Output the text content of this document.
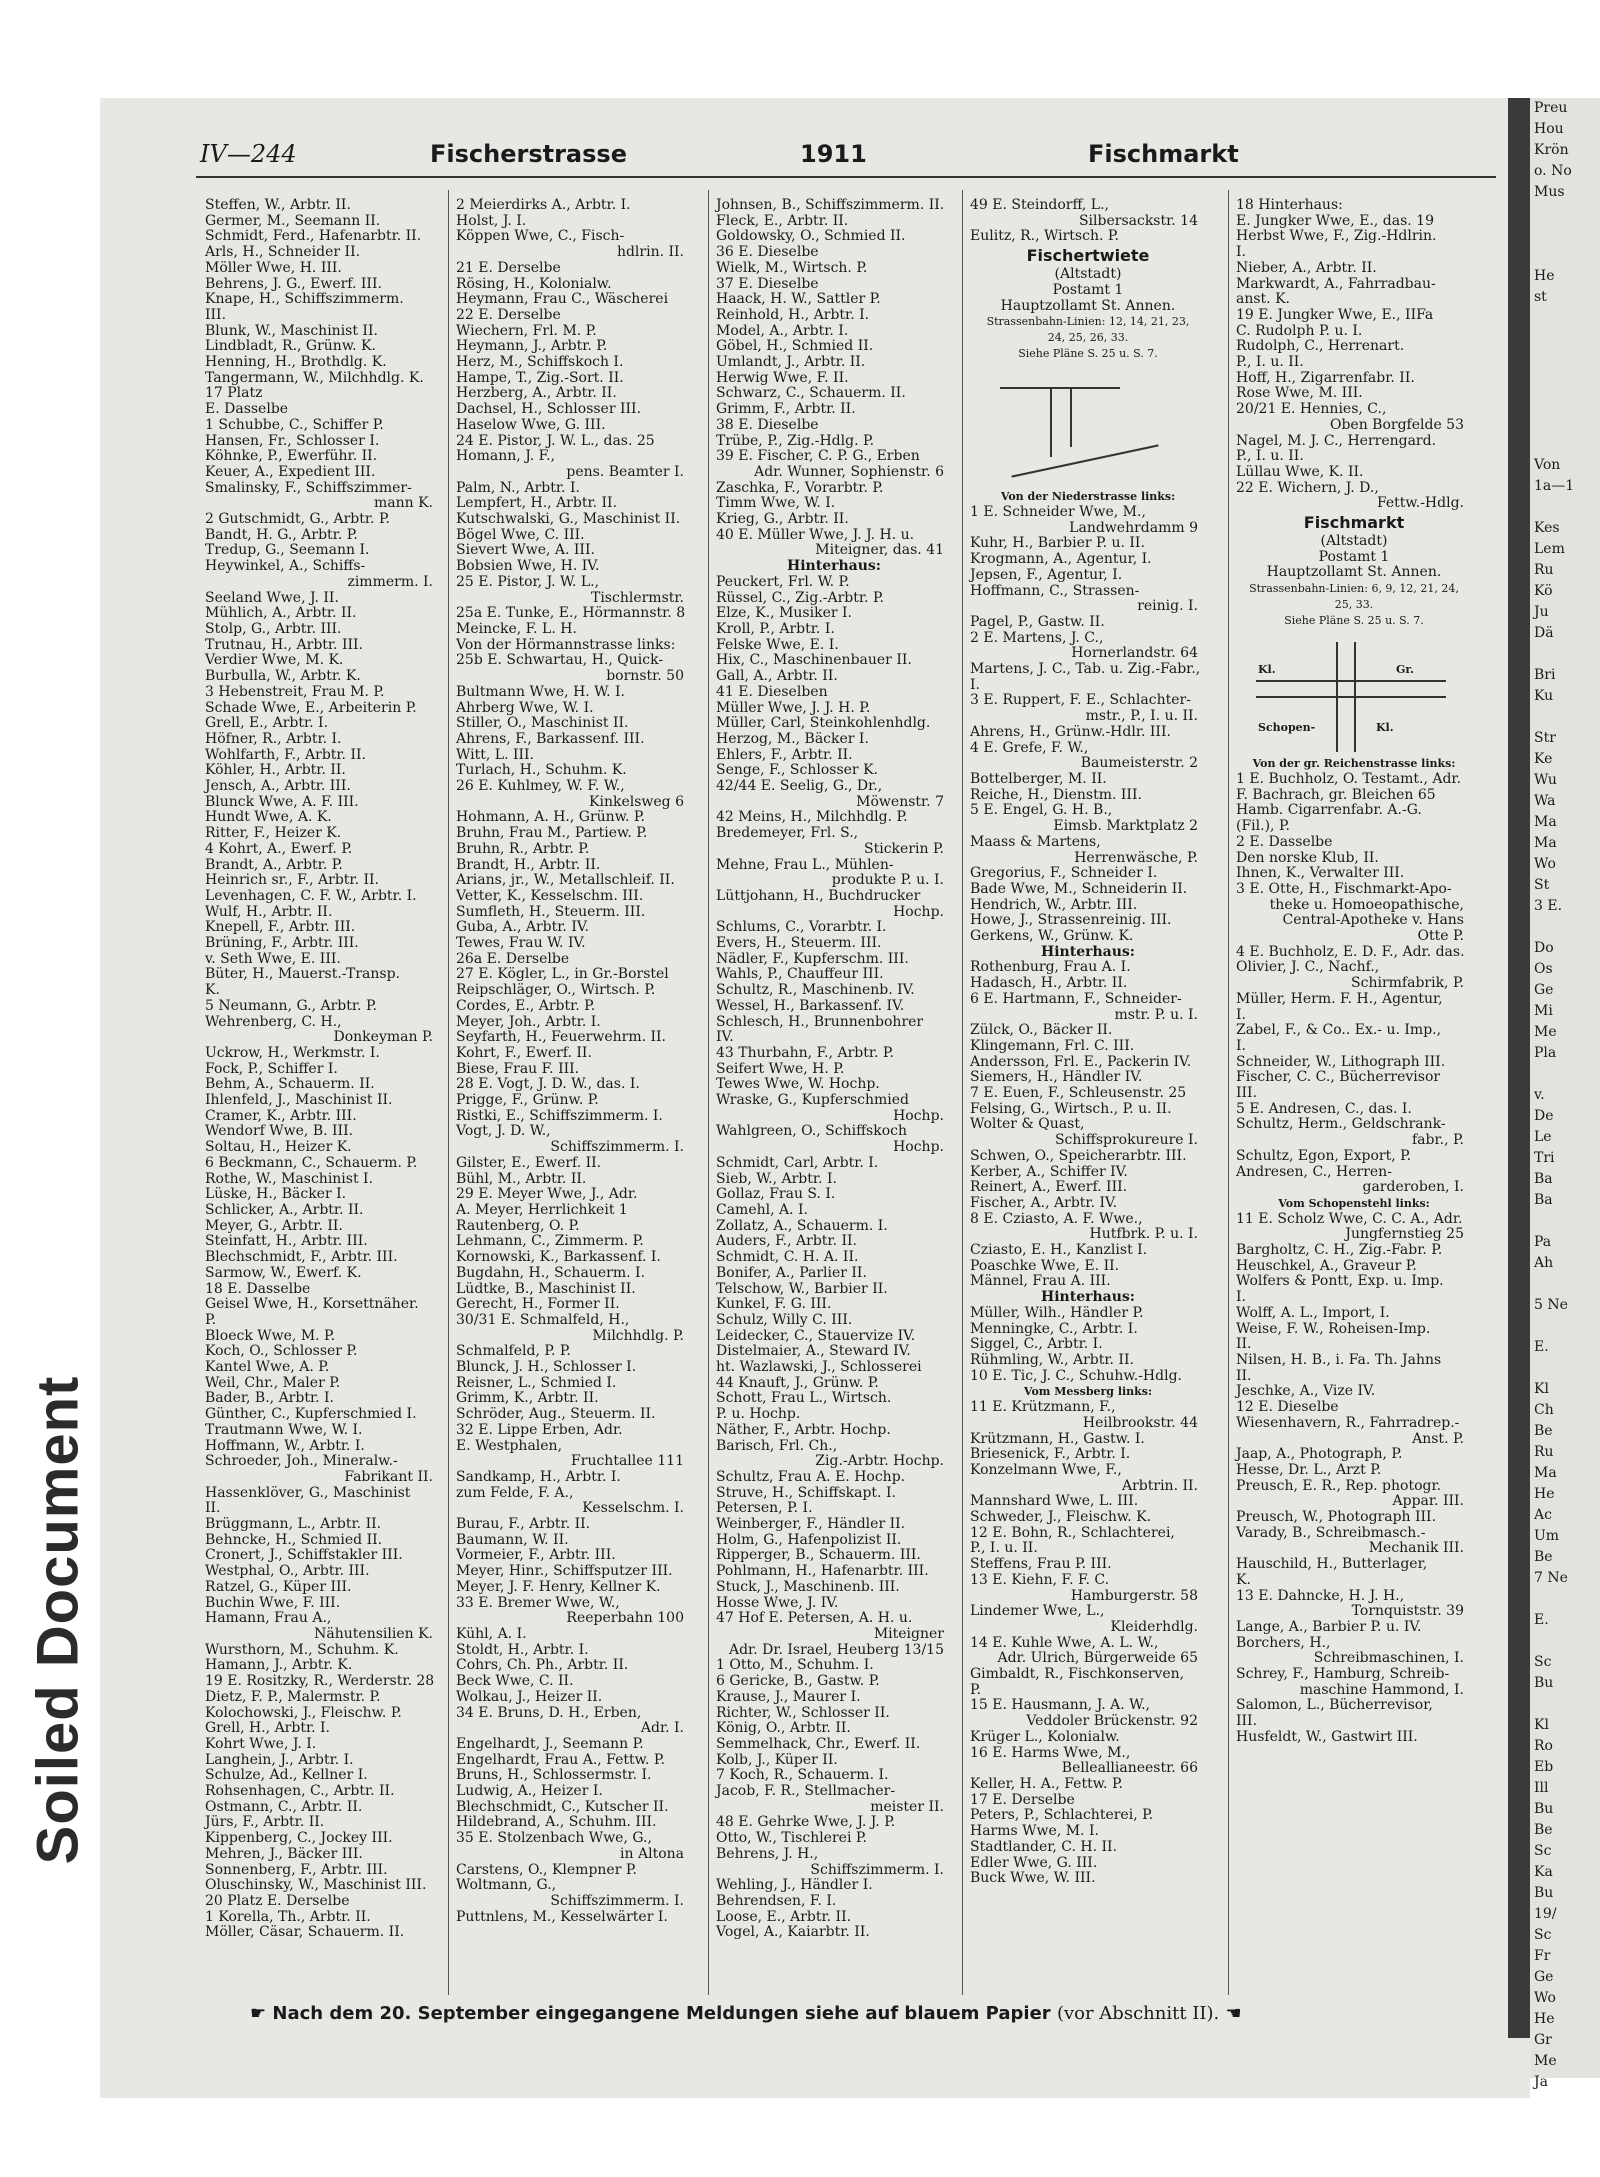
Soiled Document
Preu
Hou
Krön
o. No
Mus

He
st

Von
1a—1

Kes
Lem
Ru
Kö
Ju
Dä

Bri
Ku

Str
Ke
Wu
Wa
Ma
Ma
Wo
St
3 E.

Do
Os
Ge
Mi
Me
Pla

v.
De
Le
Tri
Ba
Ba

Pa
Ah

5 Ne

E.

Kl
Ch
Be
Ru
Ma
He
Ac
Um
Be
7 Ne

E.

Sc
Bu

Kl
Ro
Eb
Ill
Bu
Be
Sc
Ka
Bu
19/
Sc
Fr
Ge
Wo
He
Gr
Me
Ja
IV—244	Fischerstrasse	1911	Fischmarkt
Steffen, W., Arbtr. II.
Germer, M., Seemann II.
Schmidt, Ferd., Hafenarbtr. II.
Arls, H., Schneider II.
Möller Wwe, H. III.
Behrens, J. G., Ewerf. III.
Knape, H., Schiffszimmerm.
III.
Blunk, W., Maschinist II.
Lindbladt, R., Grünw. K.
Henning, H., Brothdlg. K.
Tangermann, W., Milchhdlg. K.
17 Platz
E. Dasselbe
1 Schubbe, C., Schiffer P.
Hansen, Fr., Schlosser I.
Köhnke, P., Ewerführ. II.
Keuer, A., Expedient III.
Smalinsky, F., Schiffszimmer-
mann K.
2 Gutschmidt, G., Arbtr. P.
Bandt, H. G., Arbtr. P.
Tredup, G., Seemann I.
Heywinkel, A., Schiffs-
zimmerm. I.
Seeland Wwe, J. II.
Mühlich, A., Arbtr. II.
Stolp, G., Arbtr. III.
Trutnau, H., Arbtr. III.
Verdier Wwe, M. K.
Burbulla, W., Arbtr. K.
3 Hebenstreit, Frau M. P.
Schade Wwe, E., Arbeiterin P.
Grell, E., Arbtr. I.
Höfner, R., Arbtr. I.
Wohlfarth, F., Arbtr. II.
Köhler, H., Arbtr. II.
Jensch, A., Arbtr. III.
Blunck Wwe, A. F. III.
Hundt Wwe, A. K.
Ritter, F., Heizer K.
4 Kohrt, A., Ewerf. P.
Brandt, A., Arbtr. P.
Heinrich sr., F., Arbtr. II.
Levenhagen, C. F. W., Arbtr. I.
Wulf, H., Arbtr. II.
Knepell, F., Arbtr. III.
Brüning, F., Arbtr. III.
v. Seth Wwe, E. III.
Büter, H., Mauerst.-Transp.
K.
5 Neumann, G., Arbtr. P.
Wehrenberg, C. H.,
Donkeyman P.
Uckrow, H., Werkmstr. I.
Fock, P., Schiffer I.
Behm, A., Schauerm. II.
Ihlenfeld, J., Maschinist II.
Cramer, K., Arbtr. III.
Wendorf Wwe, B. III.
Soltau, H., Heizer K.
6 Beckmann, C., Schauerm. P.
Rothe, W., Maschinist I.
Lüske, H., Bäcker I.
Schlicker, A., Arbtr. II.
Meyer, G., Arbtr. II.
Steinfatt, H., Arbtr. III.
Blechschmidt, F., Arbtr. III.
Sarmow, W., Ewerf. K.
18 E. Dasselbe
Geisel Wwe, H., Korsettnäher.
P.
Bloeck Wwe, M. P.
Koch, O., Schlosser P.
Kantel Wwe, A. P.
Weil, Chr., Maler P.
Bader, B., Arbtr. I.
Günther, C., Kupferschmied I.
Trautmann Wwe, W. I.
Hoffmann, W., Arbtr. I.
Schroeder, Joh., Mineralw.-
Fabrikant II.
Hassenklöver, G., Maschinist
II.
Brüggmann, L., Arbtr. II.
Behncke, H., Schmied II.
Cronert, J., Schiffstakler III.
Westphal, O., Arbtr. III.
Ratzel, G., Küper III.
Buchin Wwe, F. III.
Hamann, Frau A.,
Nähutensilien K.
Wursthorn, M., Schuhm. K.
Hamann, J., Arbtr. K.
19 E. Rositzky, R., Werderstr. 28
Dietz, F. P., Malermstr. P.
Kolochowski, J., Fleischw. P.
Grell, H., Arbtr. I.
Kohrt Wwe, J. I.
Langhein, J., Arbtr. I.
Schulze, Ad., Kellner I.
Rohsenhagen, C., Arbtr. II.
Ostmann, C., Arbtr. II.
Jürs, F., Arbtr. II.
Kippenberg, C., Jockey III.
Mehren, J., Bäcker III.
Sonnenberg, F., Arbtr. III.
Oluschinsky, W., Maschinist III.
20 Platz E. Derselbe
1 Korella, Th., Arbtr. II.
Möller, Cäsar, Schauerm. II.
2 Meierdirks A., Arbtr. I.
Holst, J. I.
Köppen Wwe, C., Fisch-
hdlrin. II.
21 E. Derselbe
Rösing, H., Kolonialw.
Heymann, Frau C., Wäscherei
22 E. Derselbe
Wiechern, Frl. M. P.
Heymann, J., Arbtr. P.
Herz, M., Schiffskoch I.
Hampe, T., Zig.-Sort. II.
Herzberg, A., Arbtr. II.
Dachsel, H., Schlosser III.
Haselow Wwe, G. III.
24 E. Pistor, J. W. L., das. 25
Homann, J. F.,
pens. Beamter I.
Palm, N., Arbtr. I.
Lempfert, H., Arbtr. II.
Kutschwalski, G., Maschinist II.
Bögel Wwe, C. III.
Sievert Wwe, A. III.
Bobsien Wwe, H. IV.
25 E. Pistor, J. W. L.,
Tischlermstr.
25a E. Tunke, E., Hörmannstr. 8
Meincke, F. L. H.
Von der Hörmannstrasse links:
25b E. Schwartau, H., Quick-
bornstr. 50
Bultmann Wwe, H. W. I.
Ahrberg Wwe, W. I.
Stiller, O., Maschinist II.
Ahrens, F., Barkassenf. III.
Witt, L. III.
Turlach, H., Schuhm. K.
26 E. Kuhlmey, W. F. W.,
Kinkelsweg 6
Hohmann, A. H., Grünw. P.
Bruhn, Frau M., Partiew. P.
Bruhn, R., Arbtr. P.
Brandt, H., Arbtr. II.
Arians, jr., W., Metallschleif. II.
Vetter, K., Kesselschm. III.
Sumfleth, H., Steuerm. III.
Guba, A., Arbtr. IV.
Tewes, Frau W. IV.
26a E. Derselbe
27 E. Kögler, L., in Gr.-Borstel
Reipschläger, O., Wirtsch. P.
Cordes, E., Arbtr. P.
Meyer, Joh., Arbtr. I.
Seyfarth, H., Feuerwehrm. II.
Kohrt, F., Ewerf. II.
Biese, Frau F. III.
28 E. Vogt, J. D. W., das. I.
Prigge, F., Grünw. P.
Ristki, E., Schiffszimmerm. I.
Vogt, J. D. W.,
Schiffszimmerm. I.
Gilster, E., Ewerf. II.
Bühl, M., Arbtr. II.
29 E. Meyer Wwe, J., Adr.
A. Meyer, Herrlichkeit 1
Rautenberg, O. P.
Lehmann, C., Zimmerm. P.
Kornowski, K., Barkassenf. I.
Bugdahn, H., Schauerm. I.
Lüdtke, B., Maschinist II.
Gerecht, H., Former II.
30/31 E. Schmalfeld, H.,
Milchhdlg. P.
Schmalfeld, P. P.
Blunck, J. H., Schlosser I.
Reisner, L., Schmied I.
Grimm, K., Arbtr. II.
Schröder, Aug., Steuerm. II.
32 E. Lippe Erben, Adr.
E. Westphalen,
Fruchtallee 111
Sandkamp, H., Arbtr. I.
zum Felde, F. A.,
Kesselschm. I.
Burau, F., Arbtr. II.
Baumann, W. II.
Vormeier, F., Arbtr. III.
Meyer, Hinr., Schiffsputzer III.
Meyer, J. F. Henry, Kellner K.
33 E. Bremer Wwe, W.,
Reeperbahn 100
Kühl, A. I.
Stoldt, H., Arbtr. I.
Cohrs, Ch. Ph., Arbtr. II.
Beck Wwe, C. II.
Wolkau, J., Heizer II.
34 E. Bruns, D. H., Erben,
Adr. I.
Engelhardt, J., Seemann P.
Engelhardt, Frau A., Fettw. P.
Bruns, H., Schlossermstr. I.
Ludwig, A., Heizer I.
Blechschmidt, C., Kutscher II.
Hildebrand, A., Schuhm. III.
35 E. Stolzenbach Wwe, G.,
in Altona
Carstens, O., Klempner P.
Woltmann, G.,
Schiffszimmerm. I.
Puttnlens, M., Kesselwärter I.
Johnsen, B., Schiffszimmerm. II.
Fleck, E., Arbtr. II.
Goldowsky, O., Schmied II.
36 E. Dieselbe
Wielk, M., Wirtsch. P.
37 E. Dieselbe
Haack, H. W., Sattler P.
Reinhold, H., Arbtr. I.
Model, A., Arbtr. I.
Göbel, H., Schmied II.
Umlandt, J., Arbtr. II.
Herwig Wwe, F. II.
Schwarz, C., Schauerm. II.
Grimm, F., Arbtr. II.
38 E. Dieselbe
Trübe, P., Zig.-Hdlg. P.
39 E. Fischer, C. P. G., Erben
Adr. Wunner, Sophienstr. 6
Zaschka, F., Vorarbtr. P.
Timm Wwe, W. I.
Krieg, G., Arbtr. II.
40 E. Müller Wwe, J. J. H. u.
Miteigner, das. 41
Hinterhaus:
Peuckert, Frl. W. P.
Rüssel, C., Zig.-Arbtr. P.
Elze, K., Musiker I.
Kroll, P., Arbtr. I.
Felske Wwe, E. I.
Hix, C., Maschinenbauer II.
Gall, A., Arbtr. II.
41 E. Dieselben
Müller Wwe, J. J. H. P.
Müller, Carl, Steinkohlenhdlg.
Herzog, M., Bäcker I.
Ehlers, F., Arbtr. II.
Senge, F., Schlosser K.
42/44 E. Seelig, G., Dr.,
Möwenstr. 7
42 Meins, H., Milchhdlg. P.
Bredemeyer, Frl. S.,
Stickerin P.
Mehne, Frau L., Mühlen-
produkte P. u. I.
Lüttjohann, H., Buchdrucker
Hochp.
Schlums, C., Vorarbtr. I.
Evers, H., Steuerm. III.
Nädler, F., Kupferschm. III.
Wahls, P., Chauffeur III.
Schultz, R., Maschinenb. IV.
Wessel, H., Barkassenf. IV.
Schlesch, H., Brunnenbohrer
IV.
43 Thurbahn, F., Arbtr. P.
Seifert Wwe, H. P.
Tewes Wwe, W. Hochp.
Wraske, G., Kupferschmied
Hochp.
Wahlgreen, O., Schiffskoch
Hochp.
Schmidt, Carl, Arbtr. I.
Sieb, W., Arbtr. I.
Gollaz, Frau S. I.
Camehl, A. I.
Zollatz, A., Schauerm. I.
Auders, F., Arbtr. II.
Schmidt, C. H. A. II.
Bonifer, A., Parlier II.
Telschow, W., Barbier II.
Kunkel, F. G. III.
Schulz, Willy C. III.
Leidecker, C., Stauervize IV.
Distelmaier, A., Steward IV.
ht. Wazlawski, J., Schlosserei
44 Knauft, J., Grünw. P.
Schott, Frau L., Wirtsch.
P. u. Hochp.
Näther, F., Arbtr. Hochp.
Barisch, Frl. Ch.,
Zig.-Arbtr. Hochp.
Schultz, Frau A. E. Hochp.
Struve, H., Schiffskapt. I.
Petersen, P. I.
Weinberger, F., Händler II.
Holm, G., Hafenpolizist II.
Ripperger, B., Schauerm. III.
Pohlmann, H., Hafenarbtr. III.
Stuck, J., Maschinenb. III.
Hosse Wwe, J. IV.
47 Hof E. Petersen, A. H. u.
Miteigner
Adr. Dr. Israel, Heuberg 13/15
1 Otto, M., Schuhm. I.
6 Gericke, B., Gastw. P.
Krause, J., Maurer I.
Richter, W., Schlosser II.
König, O., Arbtr. II.
Semmelhack, Chr., Ewerf. II.
Kolb, J., Küper II.
7 Koch, R., Schauerm. I.
Jacob, F. R., Stellmacher-
meister II.
48 E. Gehrke Wwe, J. J. P.
Otto, W., Tischlerei P.
Behrens, J. H.,
Schiffszimmerm. I.
Wehling, J., Händler I.
Behrendsen, F. I.
Loose, E., Arbtr. II.
Vogel, A., Kaiarbtr. II.
49 E. Steindorff, L.,
Silbersackstr. 14
Eulitz, R., Wirtsch. P.
Fischertwiete
(Altstadt)
Postamt 1
Hauptzollamt St. Annen.
Strassenbahn-Linien: 12, 14, 21, 23,
24, 25, 26, 33.
Siehe Pläne S. 25 u. S. 7.
Von der Niederstrasse links:
1 E. Schneider Wwe, M.,
Landwehrdamm 9
Kuhr, H., Barbier P. u. II.
Krogmann, A., Agentur, I.
Jepsen, F., Agentur, I.
Hoffmann, C., Strassen-
reinig. I.
Pagel, P., Gastw. II.
2 E. Martens, J. C.,
Hornerlandstr. 64
Martens, J. C., Tab. u. Zig.-Fabr.,
I.
3 E. Ruppert, F. E., Schlachter-
mstr., P., I. u. II.
Ahrens, H., Grünw.-Hdlr. III.
4 E. Grefe, F. W.,
Baumeisterstr. 2
Bottelberger, M. II.
Reiche, H., Dienstm. III.
5 E. Engel, G. H. B.,
Eimsb. Marktplatz 2
Maass & Martens,
Herrenwäsche, P.
Gregorius, F., Schneider I.
Bade Wwe, M., Schneiderin II.
Hendrich, W., Arbtr. III.
Howe, J., Strassenreinig. III.
Gerkens, W., Grünw. K.
Hinterhaus:
Rothenburg, Frau A. I.
Hadasch, H., Arbtr. II.
6 E. Hartmann, F., Schneider-
mstr. P. u. I.
Zülck, O., Bäcker II.
Klingemann, Frl. C. III.
Andersson, Frl. E., Packerin IV.
Siemers, H., Händler IV.
7 E. Euen, F., Schleusenstr. 25
Felsing, G., Wirtsch., P. u. II.
Wolter & Quast,
Schiffsprokureure I.
Schwen, O., Speicherarbtr. III.
Kerber, A., Schiffer IV.
Reinert, A., Ewerf. III.
Fischer, A., Arbtr. IV.
8 E. Cziasto, A. F. Wwe.,
Hutfbrk. P. u. I.
Cziasto, E. H., Kanzlist I.
Poaschke Wwe, E. II.
Männel, Frau A. III.
Hinterhaus:
Müller, Wilh., Händler P.
Menningke, C., Arbtr. I.
Siggel, C., Arbtr. I.
Rühmling, W., Arbtr. II.
10 E. Tic, J. C., Schuhw.-Hdlg.
Vom Messberg links:
11 E. Krützmann, F.,
Heilbrookstr. 44
Krützmann, H., Gastw. I.
Briesenick, F., Arbtr. I.
Konzelmann Wwe, F.,
Arbtrin. II.
Mannshard Wwe, L. III.
Schweder, J., Fleischw. K.
12 E. Bohn, R., Schlachterei,
P., I. u. II.
Steffens, Frau P. III.
13 E. Kiehn, F. F. C.
Hamburgerstr. 58
Lindemer Wwe, L.,
Kleiderhdlg.
14 E. Kuhle Wwe, A. L. W.,
Adr. Ulrich, Bürgerweide 65
Gimbaldt, R., Fischkonserven,
P.
15 E. Hausmann, J. A. W.,
Veddoler Brückenstr. 92
Krüger L., Kolonialw.
16 E. Harms Wwe, M.,
Belleallianeestr. 66
Keller, H. A., Fettw. P.
17 E. Derselbe
Peters, P., Schlachterei, P.
Harms Wwe, M. I.
Stadtlander, C. H. II.
Edler Wwe, G. III.
Buck Wwe, W. III.
18 Hinterhaus:
E. Jungker Wwe, E., das. 19
Herbst Wwe, F., Zig.-Hdlrin.
I.
Nieber, A., Arbtr. II.
Markwardt, A., Fahrradbau-
anst. K.
19 E. Jungker Wwe, E., IIFa
C. Rudolph P. u. I.
Rudolph, C., Herrenart.
P., I. u. II.
Hoff, H., Zigarrenfabr. II.
Rose Wwe, M. III.
20/21 E. Hennies, C.,
Oben Borgfelde 53
Nagel, M. J. C., Herrengard.
P., I. u. II.
Lüllau Wwe, K. II.
22 E. Wichern, J. D.,
Fettw.-Hdlg.
Fischmarkt
(Altstadt)
Postamt 1
Hauptzollamt St. Annen.
Strassenbahn-Linien: 6, 9, 12, 21, 24,
25, 33.
Siehe Pläne S. 25 u. S. 7.
Kl.	Gr.
Schopen-	Kl.
Von der gr. Reichenstrasse links:
1 E. Buchholz, O. Testamt., Adr.
F. Bachrach, gr. Bleichen 65
Hamb. Cigarrenfabr. A.-G.
(Fil.), P.
2 E. Dasselbe
Den norske Klub, II.
Ihnen, K., Verwalter III.
3 E. Otte, H., Fischmarkt-Apo-
theke u. Homoeopathische,
Central-Apotheke v. Hans
Otte P.
4 E. Buchholz, E. D. F., Adr. das.
Olivier, J. C., Nachf.,
Schirmfabrik, P.
Müller, Herm. F. H., Agentur,
I.
Zabel, F., & Co.. Ex.- u. Imp.,
I.
Schneider, W., Lithograph III.
Fischer, C. C., Bücherrevisor
III.
5 E. Andresen, C., das. I.
Schultz, Herm., Geldschrank-
fabr., P.
Schultz, Egon, Export, P.
Andresen, C., Herren-
garderoben, I.
Vom Schopenstehl links:
11 E. Scholz Wwe, C. C. A., Adr.
Jungfernstieg 25
Bargholtz, C. H., Zig.-Fabr. P.
Heuschkel, A., Graveur P.
Wolfers & Pontt, Exp. u. Imp.
I.
Wolff, A. L., Import, I.
Weise, F. W., Roheisen-Imp.
II.
Nilsen, H. B., i. Fa. Th. Jahns
II.
Jeschke, A., Vize IV.
12 E. Dieselbe
Wiesenhavern, R., Fahrradrep.-
Anst. P.
Jaap, A., Photograph, P.
Hesse, Dr. L., Arzt P.
Preusch, E. R., Rep. photogr.
Appar. III.
Preusch, W., Photograph III.
Varady, B., Schreibmasch.-
Mechanik III.
Hauschild, H., Butterlager,
K.
13 E. Dahncke, H. J. H.,
Tornquiststr. 39
Lange, A., Barbier P. u. IV.
Borchers, H.,
Schreibmaschinen, I.
Schrey, F., Hamburg, Schreib-
maschine Hammond, I.
Salomon, L., Bücherrevisor,
III.
Husfeldt, W., Gastwirt III.
☛ Nach dem 20. September eingegangene Meldungen siehe auf blauem Papier (vor Abschnitt II). ☚
